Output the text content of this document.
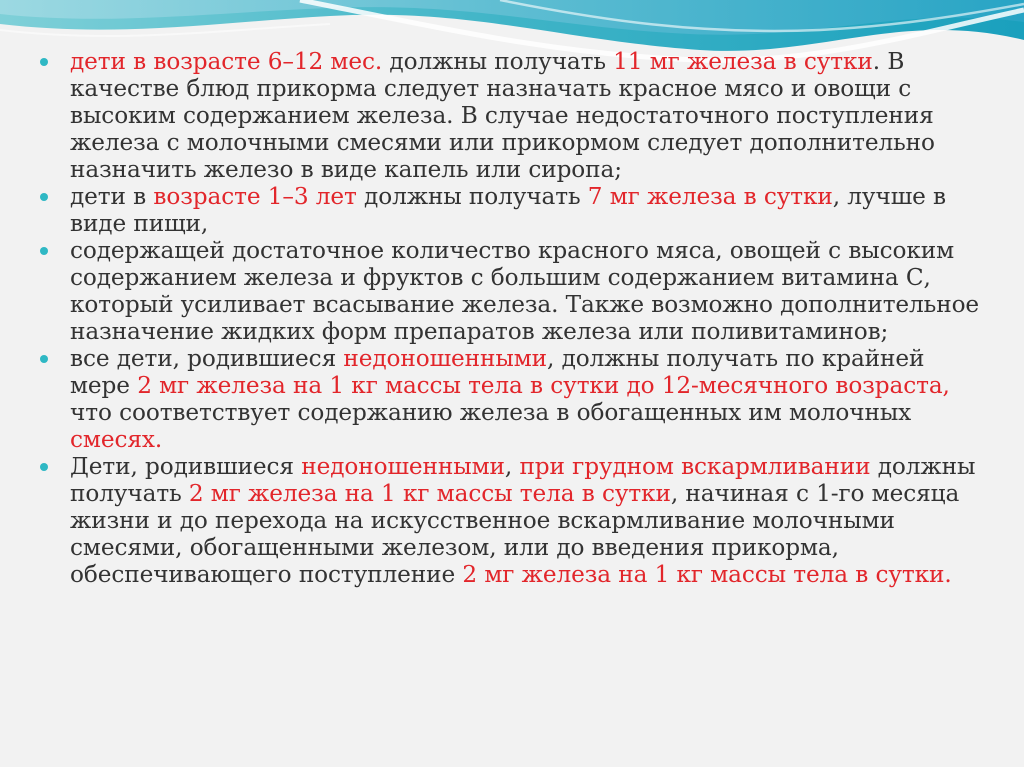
дети в возрасте 6–12 мес. должны получать 11 мг железа в сутки. В качестве блюд прикорма следует назначать красное мясо и овощи с высоким содержанием железа. В случае недостаточного поступления железа с молочными смесями или прикормом следует дополнительно назначить железо в виде капель или сиропа;
дети в возрасте 1–3 лет должны получать 7 мг железа в сутки, лучше в виде пищи,
содержащей достаточное количество красного мяса, овощей с высоким содержанием железа и фруктов с большим содержанием витамина С, который усиливает всасывание железа. Также возможно дополнительное назначение жидких форм препаратов железа или поливитаминов;
все дети, родившиеся недоношенными, должны получать по крайней мере 2 мг железа на 1 кг массы тела в сутки до 12-месячного возраста, что соответствует содержанию железа в обогащенных им молочных смесях.
Дети, родившиеся недоношенными, при грудном вскармливании должны получать 2 мг железа на 1 кг массы тела в сутки, начиная с 1-го месяца жизни и до перехода на искусственное вскармливание молочными смесями, обогащенными железом, или до введения прикорма, обеспечивающего поступление 2 мг железа на 1 кг массы тела в сутки.
